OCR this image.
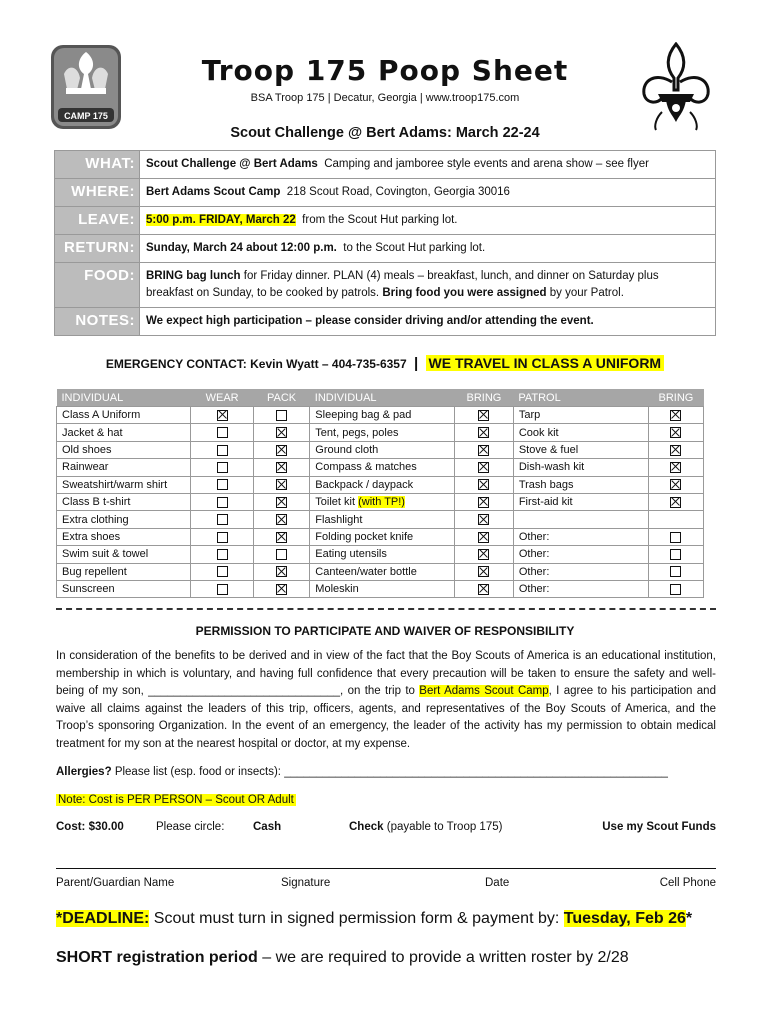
CAMP 175
Troop 175 Poop Sheet
BSA Troop 175 | Decatur, Georgia | www.troop175.com
Scout Challenge @ Bert Adams: March 22-24
WHAT:	Scout Challenge @ Bert Adams Camping and jamboree style events and arena show – see flyer
WHERE:	Bert Adams Scout Camp 218 Scout Road, Covington, Georgia 30016
LEAVE:	5:00 p.m. FRIDAY, March 22 from the Scout Hut parking lot.
RETURN:	Sunday, March 24 about 12:00 p.m. to the Scout Hut parking lot.
FOOD:	BRING bag lunch for Friday dinner. PLAN (4) meals – breakfast, lunch, and dinner on Saturday plus breakfast on Sunday, to be cooked by patrols. Bring food you were assigned by your Patrol.
NOTES:	We expect high participation – please consider driving and/or attending the event.
EMERGENCY CONTACT: Kevin Wyatt – 404-735-6357 | WE TRAVEL IN CLASS A UNIFORM
INDIVIDUAL	WEAR	PACK	INDIVIDUAL	BRING	PATROL	BRING
Class A Uniform			Sleeping bag & pad		Tarp	
Jacket & hat			Tent, pegs, poles		Cook kit	
Old shoes			Ground cloth		Stove & fuel	
Rainwear			Compass & matches		Dish-wash kit	
Sweatshirt/warm shirt			Backpack / daypack		Trash bags	
Class B t-shirt			Toilet kit (with TP!)		First-aid kit	
Extra clothing			Flashlight			
Extra shoes			Folding pocket knife		Other:	
Swim suit & towel			Eating utensils		Other:	
Bug repellent			Canteen/water bottle		Other:	
Sunscreen			Moleskin		Other:	
PERMISSION TO PARTICIPATE AND WAIVER OF RESPONSIBILITY
In consideration of the benefits to be derived and in view of the fact that the Boy Scouts of America is an educational institution, membership in which is voluntary, and having full confidence that every precaution will be taken to ensure the safety and well-being of my son, ______________________________, on the trip to Bert Adams Scout Camp, I agree to his participation and waive all claims against the leaders of this trip, officers, agents, and representatives of the Boy Scouts of America, and the Troop’s sponsoring Organization. In the event of an emergency, the leader of the activity has my permission to obtain medical treatment for my son at the nearest hospital or doctor, at my expense.
Allergies? Please list (esp. food or insects): ____________________________________________________________
Note: Cost is PER PERSON – Scout OR Adult
Cost: $30.00	Please circle: Cash	Check (payable to Troop 175)	Use my Scout Funds
Parent/Guardian Name	Signature	Date	Cell Phone
*DEADLINE: Scout must turn in signed permission form & payment by: Tuesday, Feb 26*
SHORT registration period – we are required to provide a written roster by 2/28
